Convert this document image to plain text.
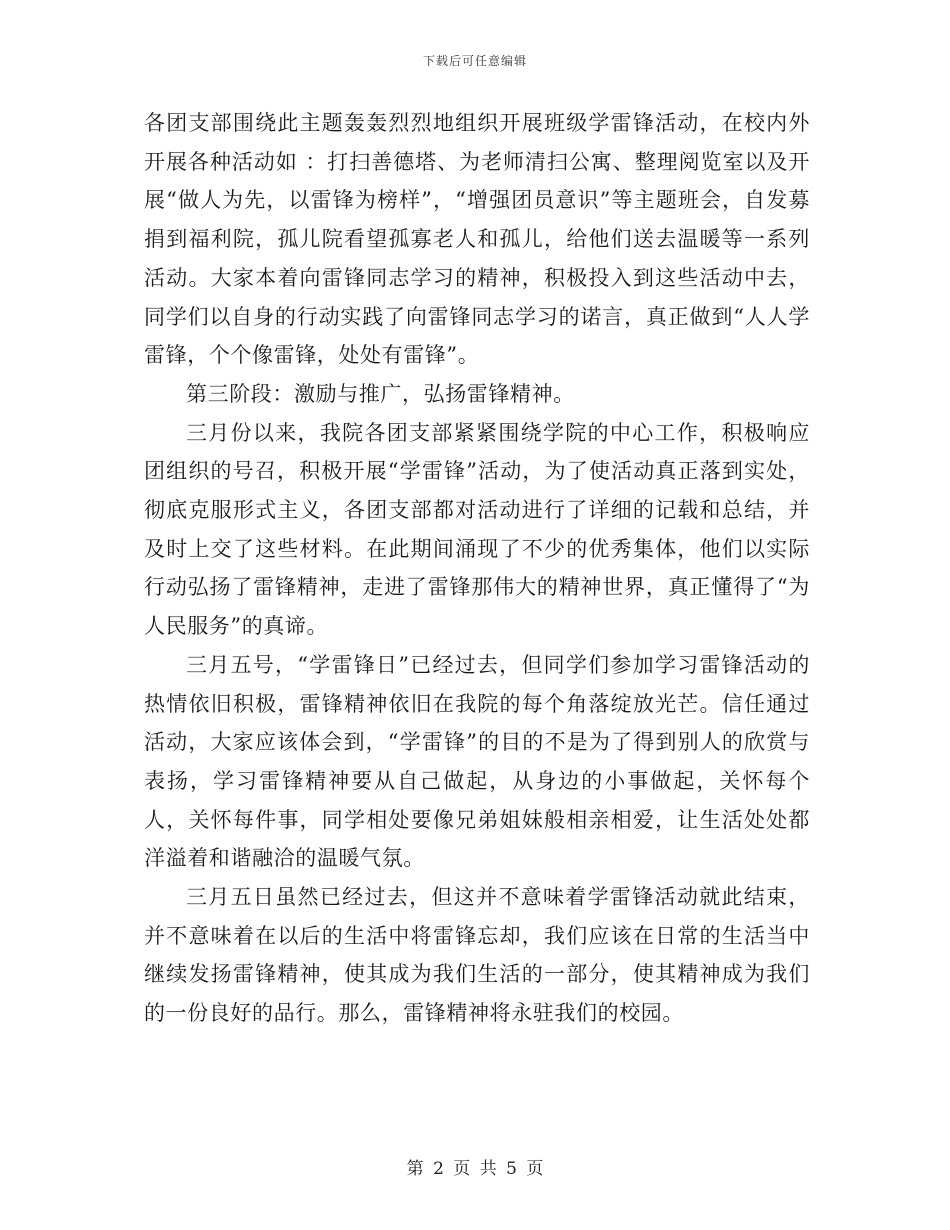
下载后可任意编辑

各团支部围绕此主题轰轰烈烈地组织开展班级学雷锋活动，在校内外开展各种活动如 ：打扫善德塔、为老师清扫公寓、整理阅览室以及开展“做人为先，以雷锋为榜样”，“增强团员意识”等主题班会，自发募捐到福利院，孤儿院看望孤寡老人和孤儿，给他们送去温暖等一系列活动。大家本着向雷锋同志学习的精神，积极投入到这些活动中去，同学们以自身的行动实践了向雷锋同志学习的诺言，真正做到“人人学雷锋，个个像雷锋，处处有雷锋”。

第三阶段：激励与推广，弘扬雷锋精神。

三月份以来，我院各团支部紧紧围绕学院的中心工作，积极响应团组织的号召，积极开展“学雷锋”活动，为了使活动真正落到实处，彻底克服形式主义，各团支部都对活动进行了详细的记载和总结，并及时上交了这些材料。在此期间涌现了不少的优秀集体，他们以实际行动弘扬了雷锋精神，走进了雷锋那伟大的精神世界，真正懂得了“为人民服务”的真谛。

三月五号，“学雷锋日”已经过去，但同学们参加学习雷锋活动的热情依旧积极，雷锋精神依旧在我院的每个角落绽放光芒。信任通过活动，大家应该体会到，“学雷锋”的目的不是为了得到别人的欣赏与表扬，学习雷锋精神要从自己做起，从身边的小事做起，关怀每个人，关怀每件事，同学相处要像兄弟姐妹般相亲相爱，让生活处处都洋溢着和谐融洽的温暖气氛。

三月五日虽然已经过去，但这并不意味着学雷锋活动就此结束，并不意味着在以后的生活中将雷锋忘却，我们应该在日常的生活当中继续发扬雷锋精神，使其成为我们生活的一部分，使其精神成为我们的一份良好的品行。那么，雷锋精神将永驻我们的校园。

第 2 页 共 5 页
